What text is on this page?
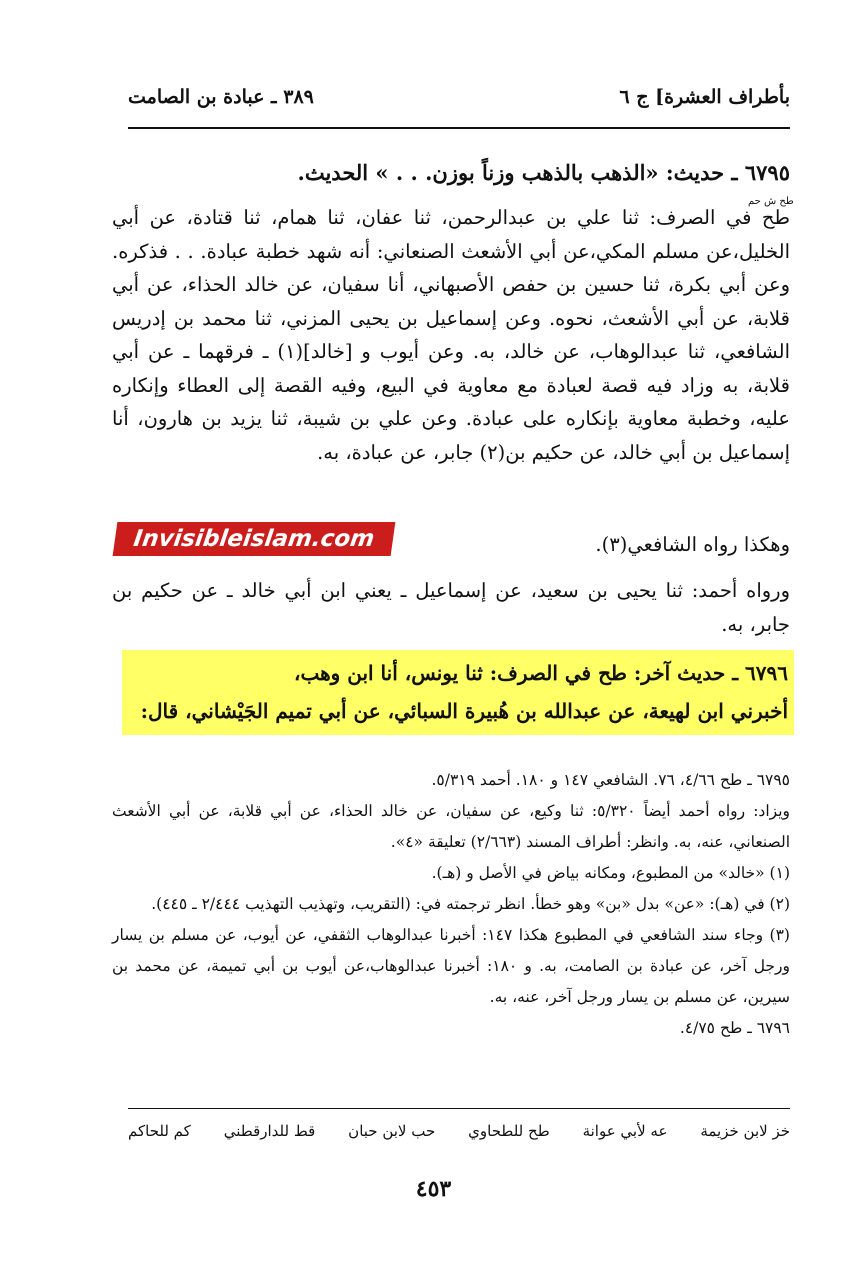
بأطراف العشرة] ج ٦
٣٨٩ ـ عبادة بن الصامت
٦٧٩٥ ـ حديث: «الذهب بالذهب وزناً بوزن. . . » الحديث.
طح ش حم
طح في الصرف: ثنا علي بن عبدالرحمن، ثنا عفان، ثنا همام، ثنا قتادة، عن أبي الخليل،عن مسلم المكي،عن أبي الأشعث الصنعاني: أنه شهد خطبة عبادة. . . فذكره. وعن أبي بكرة، ثنا حسين بن حفص الأصبهاني، أنا سفيان، عن خالد الحذاء، عن أبي قلابة، عن أبي الأشعث، نحوه. وعن إسماعيل بن يحيى المزني، ثنا محمد بن إدريس الشافعي، ثنا عبدالوهاب، عن خالد، به. وعن أيوب و [خالد](١) ـ فرقهما ـ عن أبي قلابة، به وزاد فيه قصة لعبادة مع معاوية في البيع، وفيه القصة إلى العطاء وإنكاره عليه، وخطبة معاوية بإنكاره على عبادة. وعن علي بن شيبة، ثنا يزيد بن هارون، أنا إسماعيل بن أبي خالد، عن حكيم بن(٢) جابر، عن عبادة، به.
وهكذا رواه الشافعي(٣).
ورواه أحمد: ثنا يحيى بن سعيد، عن إسماعيل ـ يعني ابن أبي خالد ـ عن حكيم بن جابر، به.
٦٧٩٦ ـ حديث آخر: طح في الصرف: ثنا يونس، أنا ابن وهب،
أخبرني ابن لهيعة، عن عبدالله بن هُبيرة السبائي، عن أبي تميم الجَيْشاني، قال:
٦٧٩٥ ـ طح ٤/٦٦، ٧٦. الشافعي ١٤٧ و ١٨٠. أحمد ٥/٣١٩.
ويزاد: رواه أحمد أيضاً ٥/٣٢٠: ثنا وكيع، عن سفيان، عن خالد الحذاء، عن أبي قلابة، عن أبي الأشعث الصنعاني، عنه، به. وانظر: أطراف المسند (٢/٦٦٣) تعليقة «٤».
(١) «خالد» من المطبوع، ومكانه بياض في الأصل و (هـ).
(٢) في (هـ): «عن» بدل «بن» وهو خطأ. انظر ترجمته في: (التقريب، وتهذيب التهذيب ٢/٤٤٤ ـ ٤٤٥).
(٣) وجاء سند الشافعي في المطبوع هكذا ١٤٧: أخبرنا عبدالوهاب الثقفي، عن أيوب، عن مسلم بن يسار ورجل آخر، عن عبادة بن الصامت، به. و ١٨٠: أخبرنا عبدالوهاب،عن أيوب بن أبي تميمة، عن محمد بن سيرين، عن مسلم بن يسار ورجل آخر، عنه، به.
٦٧٩٦ ـ طح ٤/٧٥.
خز لابن خزيمة
عه لأبي عوانة
طح للطحاوي
حب لابن حبان
قط للدارقطني
كم للحاكم
٤٥٣
Invisibleislam.com
